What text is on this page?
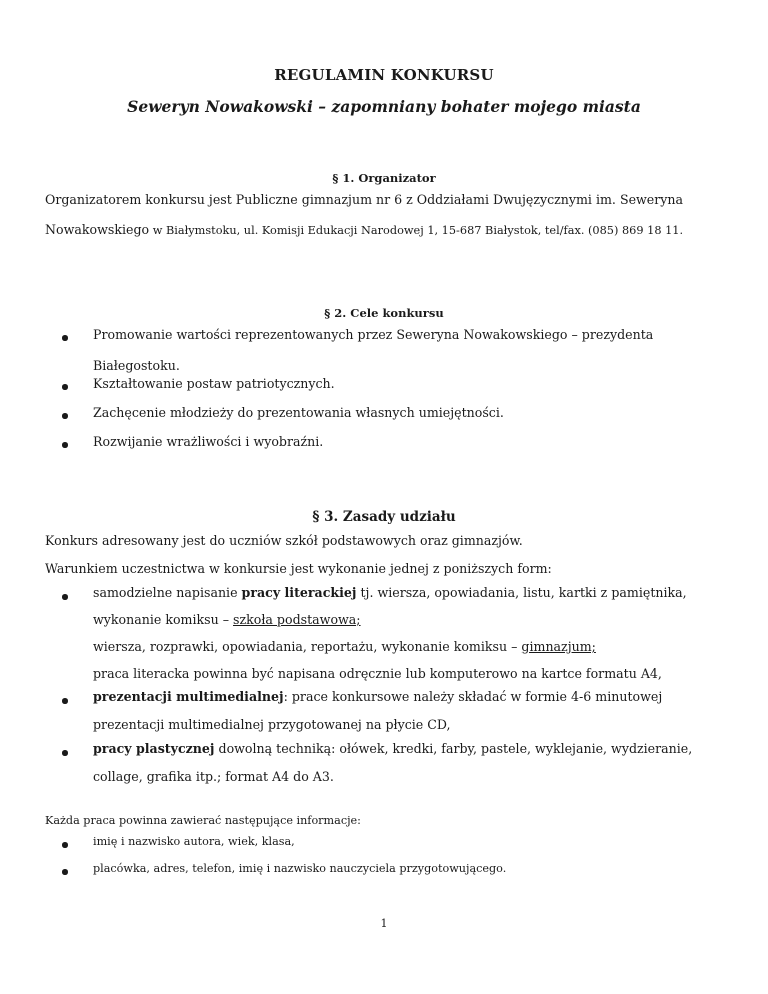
REGULAMIN KONKURSU
Seweryn Nowakowski – zapomniany bohater mojego miasta
§ 1. Organizator
Organizatorem konkursu jest Publiczne gimnazjum nr 6 z Oddziałami Dwujęzycznymi im. Seweryna
Nowakowskiego w Białymstoku, ul. Komisji Edukacji Narodowej 1, 15-687 Białystok, tel/fax. (085) 869 18 11.
§ 2. Cele konkursu
Promowanie wartości reprezentowanych przez Seweryna Nowakowskiego – prezydenta
Białegostoku.
Kształtowanie postaw patriotycznych.
Zachęcenie młodzieży do prezentowania własnych umiejętności.
Rozwijanie wrażliwości i wyobraźni.
§ 3. Zasady udziału
Konkurs adresowany jest do uczniów szkół podstawowych oraz gimnazjów.
Warunkiem uczestnictwa w konkursie jest wykonanie jednej z poniższych form:
samodzielne napisanie pracy literackiej tj. wiersza, opowiadania, listu, kartki z pamiętnika,
wykonanie komiksu – szkoła podstawowa;
wiersza, rozprawki, opowiadania, reportażu, wykonanie komiksu – gimnazjum;
praca literacka powinna być napisana odręcznie lub komputerowo na kartce formatu A4,
prezentacji multimedialnej: prace konkursowe należy składać w formie 4-6 minutowej
prezentacji multimedialnej przygotowanej na płycie CD,
pracy plastycznej dowolną techniką: ołówek, kredki, farby, pastele, wyklejanie, wydzieranie,
collage, grafika itp.; format A4 do A3.
Każda praca powinna zawierać następujące informacje:
imię i nazwisko autora, wiek, klasa,
placówka, adres, telefon, imię i nazwisko nauczyciela przygotowującego.
1
